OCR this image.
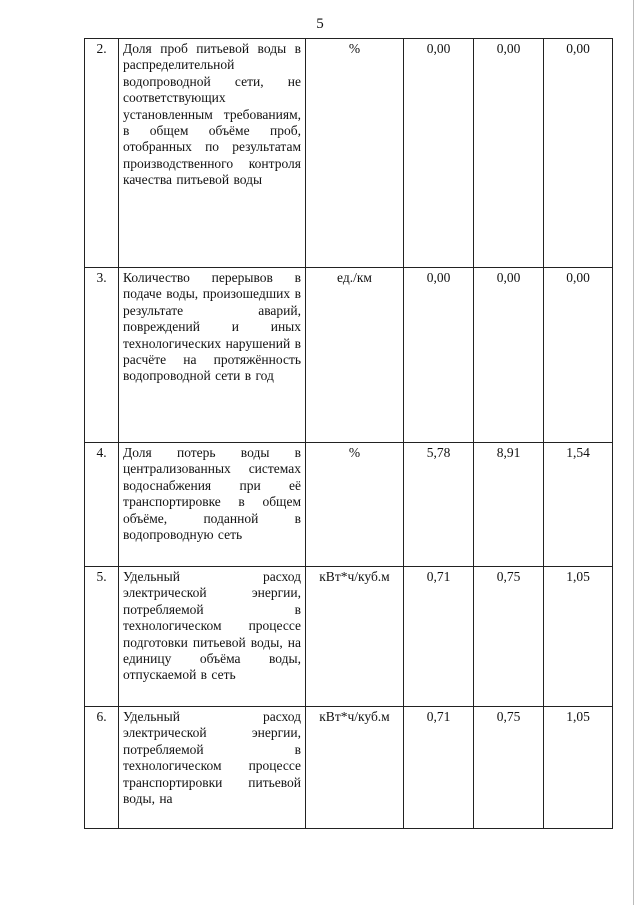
5
2.	Доля проб питьевой воды в распределительной водопроводной сети, не соответствующих установленным требованиям, в общем объёме проб, отобранных по результатам производственного контроля качества питьевой воды	%	0,00	0,00	0,00
3.	Количество перерывов в подаче воды, произошедших в результате аварий, повреждений и иных технологических нарушений в расчёте на протяжённость водопроводной сети в год	ед./км	0,00	0,00	0,00
4.	Доля потерь воды в централизованных системах водоснабжения при её транспортировке в общем объёме, поданной в водопроводную сеть	%	5,78	8,91	1,54
5.	Удельный расход электрической энергии, потребляемой в технологическом процессе подготовки питьевой воды, на единицу объёма воды, отпускаемой в сеть	кВт*ч/куб.м	0,71	0,75	1,05
6.	Удельный расход электрической энергии, потребляемой в технологическом процессе транспортировки питьевой воды, на	кВт*ч/куб.м	0,71	0,75	1,05
